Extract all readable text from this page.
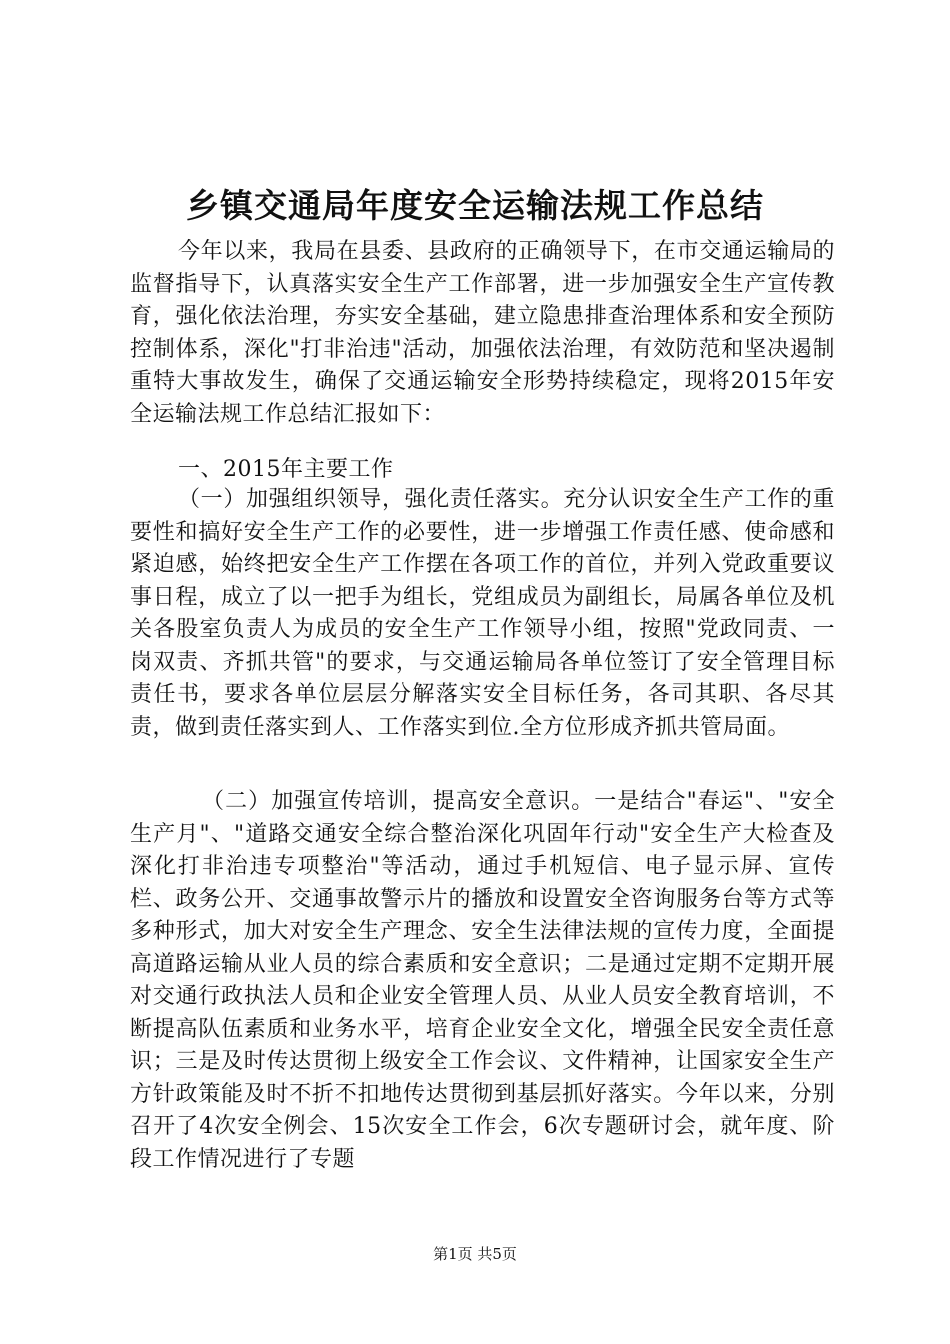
乡镇交通局年度安全运输法规工作总结

今年以来，我局在县委、县政府的正确领导下，在市交通运输局的监督指导下，认真落实安全生产工作部署，进一步加强安全生产宣传教育，强化依法治理，夯实安全基础，建立隐患排查治理体系和安全预防控制体系，深化"打非治违"活动，加强依法治理，有效防范和坚决遏制重特大事故发生，确保了交通运输安全形势持续稳定，现将2015年安全运输法规工作总结汇报如下：

一、2015年主要工作

（一）加强组织领导，强化责任落实。充分认识安全生产工作的重要性和搞好安全生产工作的必要性，进一步增强工作责任感、使命感和紧迫感，始终把安全生产工作摆在各项工作的首位，并列入党政重要议事日程，成立了以一把手为组长，党组成员为副组长，局属各单位及机关各股室负责人为成员的安全生产工作领导小组，按照"党政同责、一岗双责、齐抓共管"的要求，与交通运输局各单位签订了安全管理目标责任书，要求各单位层层分解落实安全目标任务，各司其职、各尽其责，做到责任落实到人、工作落实到位.全方位形成齐抓共管局面。

（二）加强宣传培训，提高安全意识。一是结合"春运"、"安全生产月"、"道路交通安全综合整治深化巩固年行动"安全生产大检查及深化打非治违专项整治"等活动，通过手机短信、电子显示屏、宣传栏、政务公开、交通事故警示片的播放和设置安全咨询服务台等方式等多种形式，加大对安全生产理念、安全生法律法规的宣传力度，全面提高道路运输从业人员的综合素质和安全意识；二是通过定期不定期开展对交通行政执法人员和企业安全管理人员、从业人员安全教育培训，不断提高队伍素质和业务水平，培育企业安全文化，增强全民安全责任意识；三是及时传达贯彻上级安全工作会议、文件精神，让国家安全生产方针政策能及时不折不扣地传达贯彻到基层抓好落实。今年以来，分别召开了4次安全例会、15次安全工作会，6次专题研讨会，就年度、阶段工作情况进行了专题

第1页 共5页
